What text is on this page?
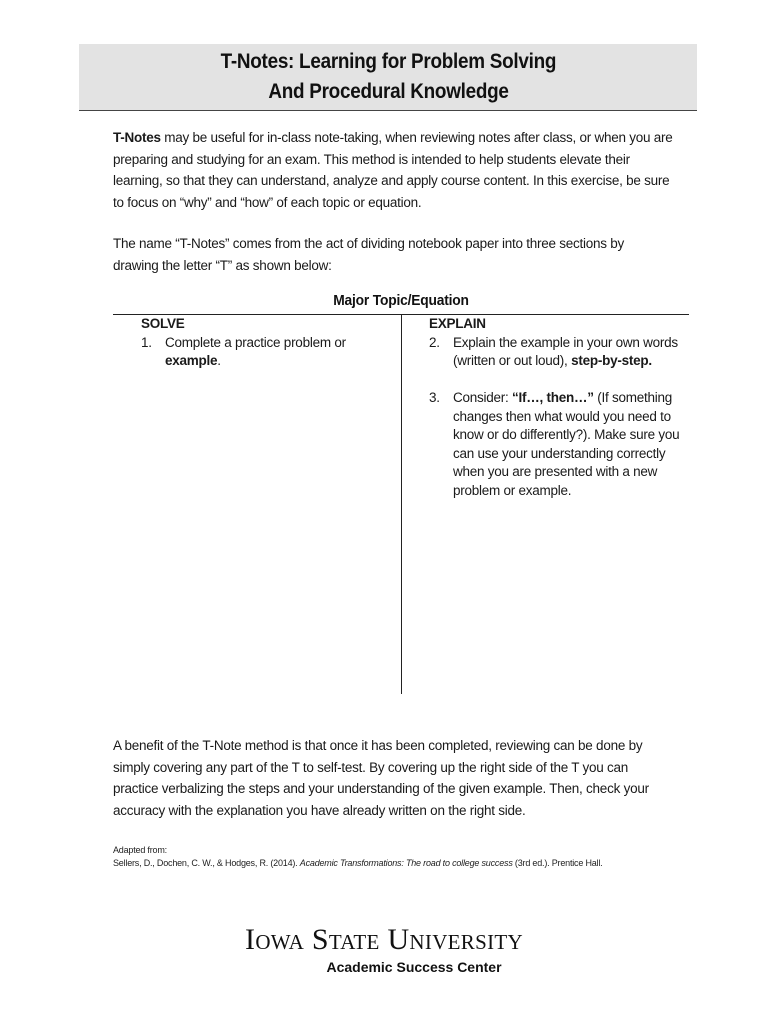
T-Notes: Learning for Problem Solving
And Procedural Knowledge
T-Notes may be useful for in-class note-taking, when reviewing notes after class, or when you are preparing and studying for an exam. This method is intended to help students elevate their learning, so that they can understand, analyze and apply course content. In this exercise, be sure to focus on “why” and “how” of each topic or equation.
The name “T-Notes” comes from the act of dividing notebook paper into three sections by drawing the letter “T” as shown below:
Major Topic/Equation
SOLVE
1. Complete a practice problem or example.
EXPLAIN
2. Explain the example in your own words (written or out loud), step-by-step.
3. Consider: “If…, then…” (If something changes then what would you need to know or do differently?). Make sure you can use your understanding correctly when you are presented with a new problem or example.
A benefit of the T-Note method is that once it has been completed, reviewing can be done by simply covering any part of the T to self-test. By covering up the right side of the T you can practice verbalizing the steps and your understanding of the given example. Then, check your accuracy with the explanation you have already written on the right side.
Adapted from:
Sellers, D., Dochen, C. W., & Hodges, R. (2014). Academic Transformations: The road to college success (3rd ed.). Prentice Hall.
Iowa State University
Academic Success Center
